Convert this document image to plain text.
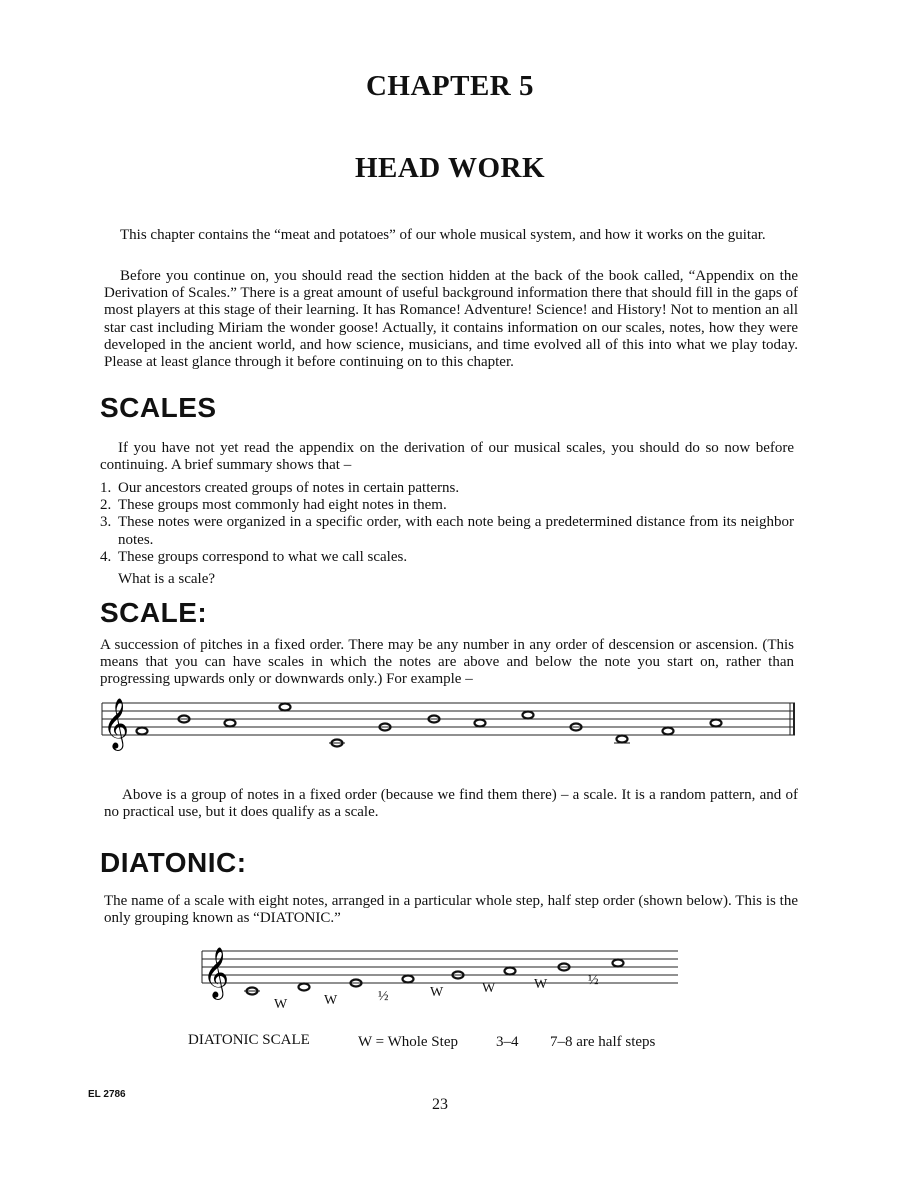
CHAPTER 5
HEAD WORK
This chapter contains the “meat and potatoes” of our whole musical system, and how it works on the guitar.
Before you continue on, you should read the section hidden at the back of the book called, “Appendix on the Derivation of Scales.” There is a great amount of useful background information there that should fill in the gaps of most players at this stage of their learning. It has Romance! Adventure! Science! and History! Not to mention an all star cast including Miriam the wonder goose! Actually, it contains information on our scales, notes, how they were developed in the ancient world, and how science, musicians, and time evolved all of this into what we play today. Please at least glance through it before continuing on to this chapter.
SCALES
If you have not yet read the appendix on the derivation of our musical scales, you should do so now before continuing. A brief summary shows that –
1. Our ancestors created groups of notes in certain patterns.
2. These groups most commonly had eight notes in them.
3. These notes were organized in a specific order, with each note being a predetermined distance from its neighbor notes.
4. These groups correspond to what we call scales.
What is a scale?
SCALE:
A succession of pitches in a fixed order. There may be any number in any order of descension or ascension. (This means that you can have scales in which the notes are above and below the note you start on, rather than progressing upwards only or downwards only.) For example –
𝄞
Above is a group of notes in a fixed order (because we find them there) – a scale. It is a random pattern, and of no practical use, but it does qualify as a scale.
DIATONIC:
The name of a scale with eight notes, arranged in a particular whole step, half step order (shown below). This is the only grouping known as “DIATONIC.”
𝄞
W	W	½	W	W	W	½
DIATONIC SCALE	W = Whole Step	3–4 7–8 are half steps
EL 2786
23
